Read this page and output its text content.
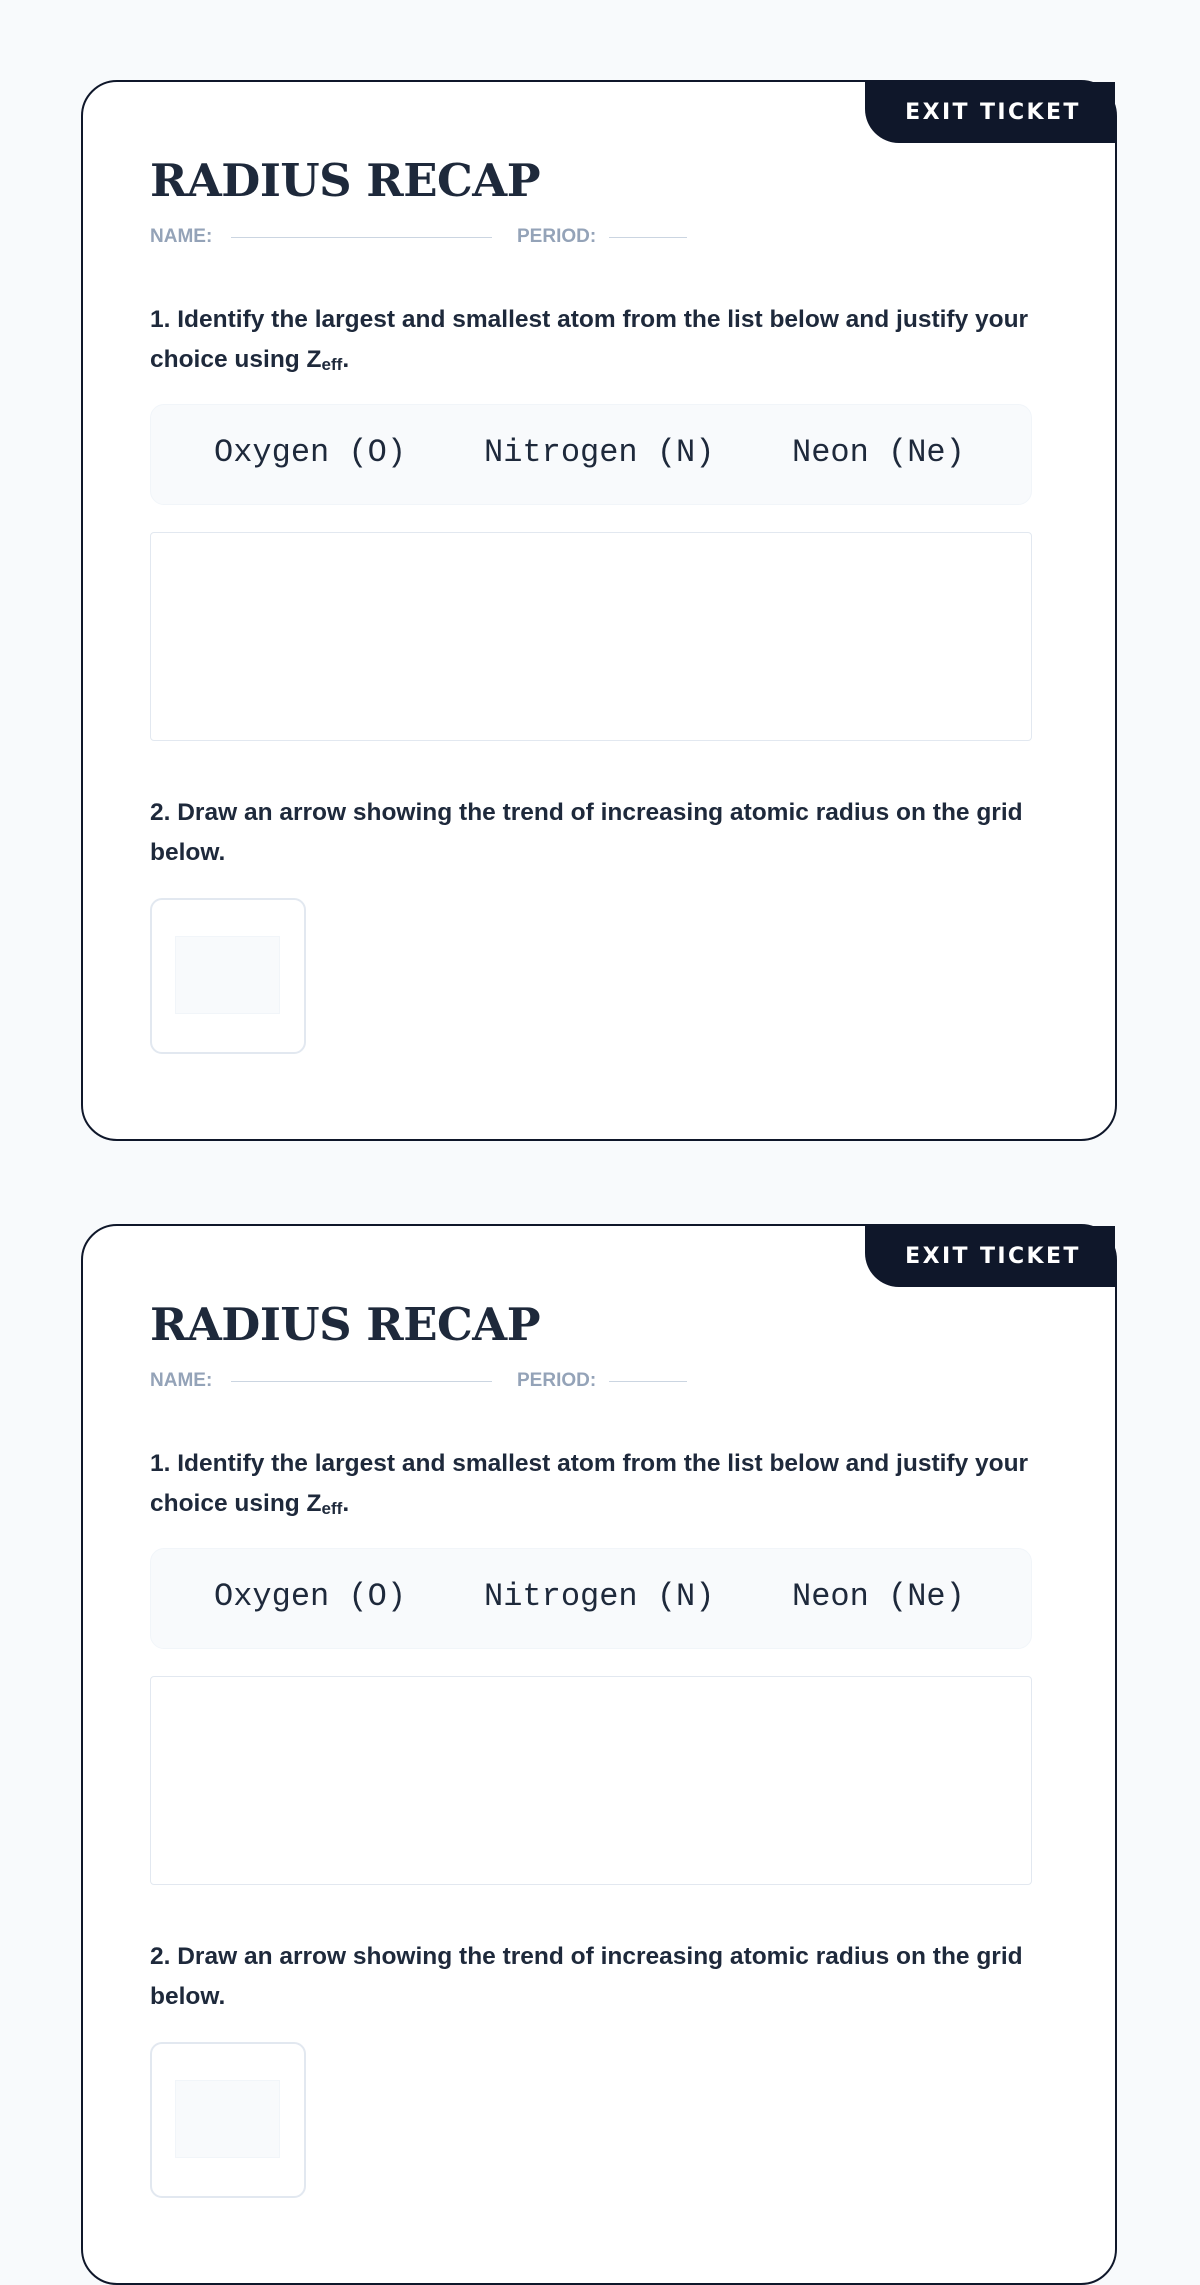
EXIT TICKET
RADIUS RECAP
NAME:	PERIOD:

1. Identify the largest and smallest atom from the list below and justify your choice using $Z_{eff}$.

Oxygen (O) Nitrogen (N) Neon (Ne)

2. Draw an arrow showing the trend of increasing atomic radius on the grid below.

EXIT TICKET
RADIUS RECAP
NAME:	PERIOD:

1. Identify the largest and smallest atom from the list below and justify your choice using $Z_{eff}$.

Oxygen (O) Nitrogen (N) Neon (Ne)

2. Draw an arrow showing the trend of increasing atomic radius on the grid below.
